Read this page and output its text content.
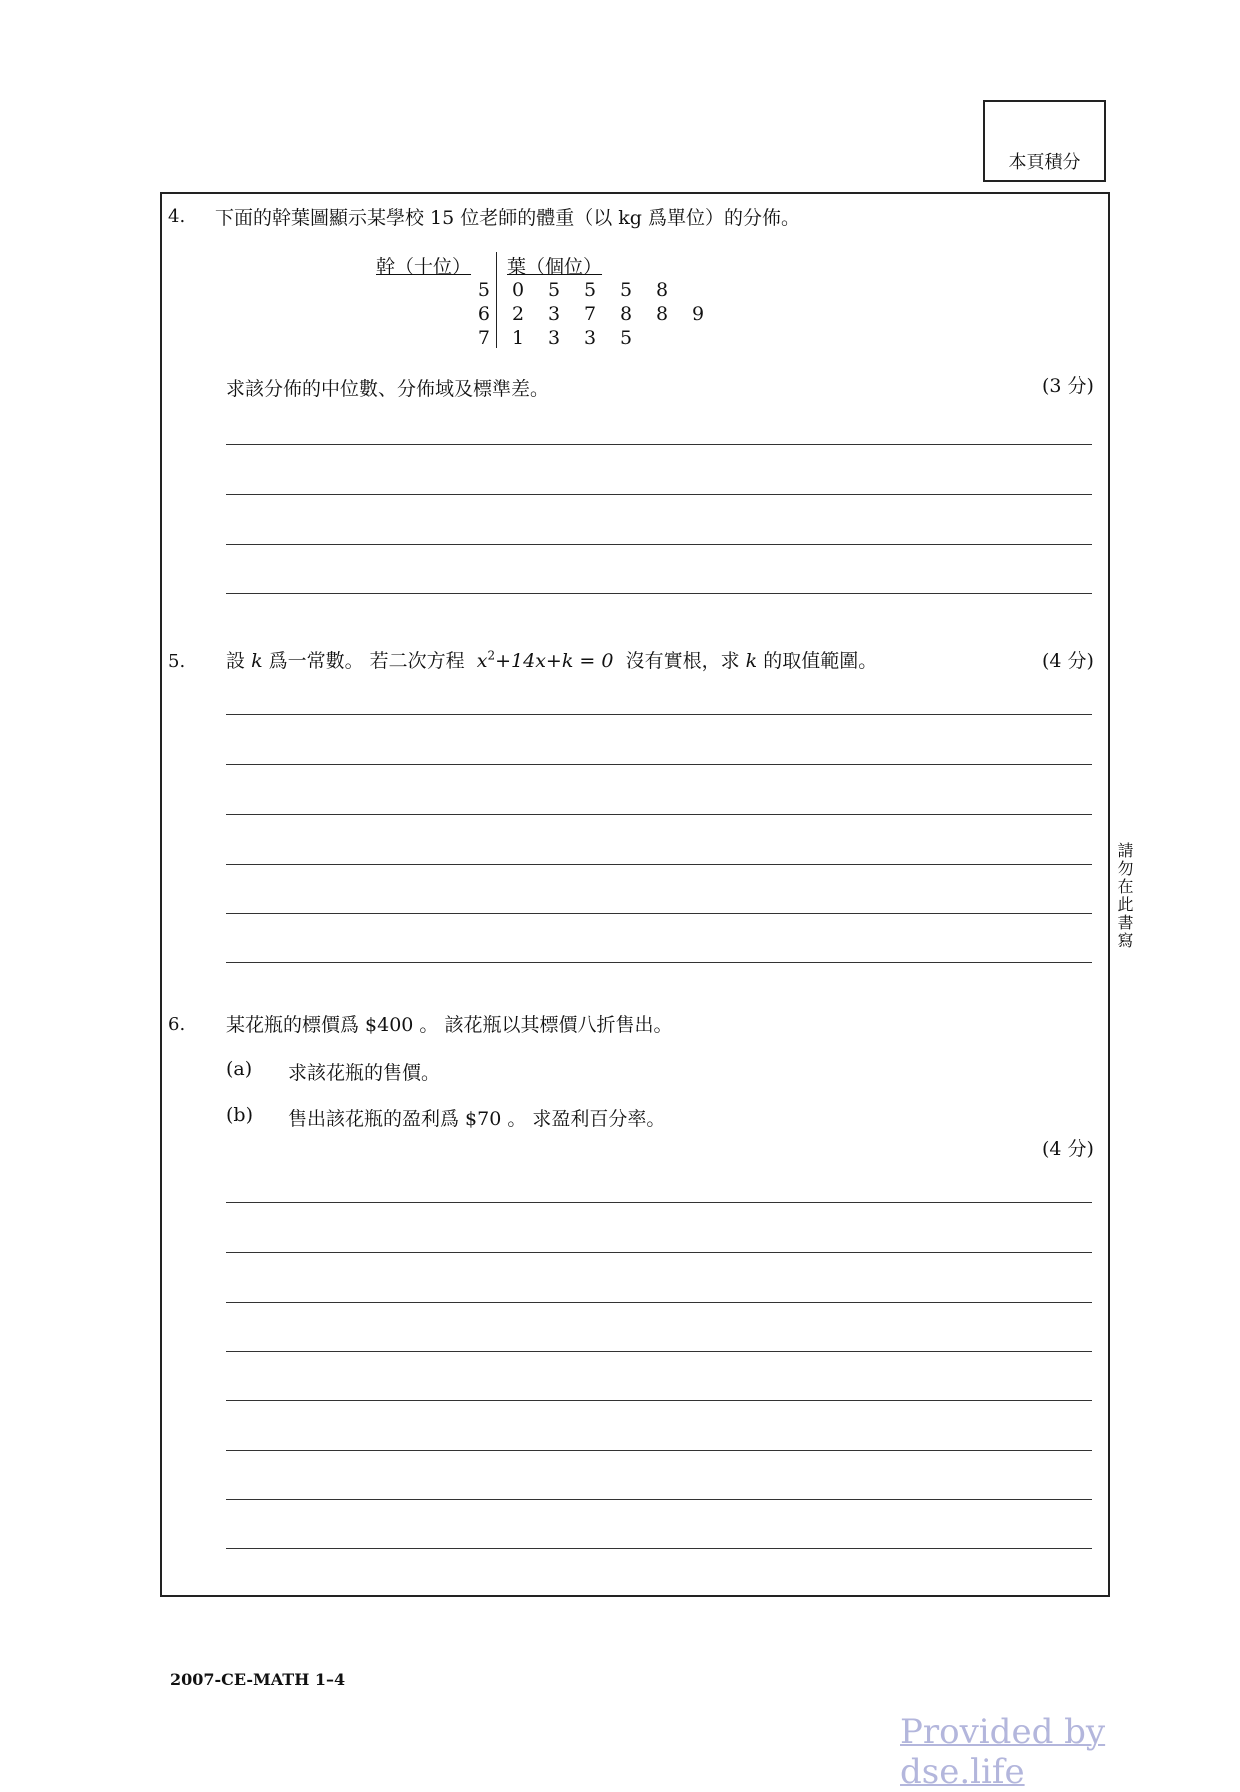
本頁積分
4. 下面的幹葉圖顯示某學校 15 位老師的體重（以 kg 爲單位）的分佈。
幹（十位） 葉（個位）
5	0	5	5	5	8
6	2	3	7	8	8	9
7	1	3	3	5
求該分佈的中位數、分佈域及標準差。	(3 分)
5. 設 k 爲一常數。 若二次方程 $x^2+14x+k = 0$ 沒有實根，求 k 的取值範圍。	(4 分)
6. 某花瓶的標價爲 $400 。 該花瓶以其標價八折售出。
(a) 求該花瓶的售價。
(b) 售出該花瓶的盈利爲 $70 。 求盈利百分率。
(4 分)
請勿在此書寫
2007-CE-MATH 1–4
Provided by dse.life
